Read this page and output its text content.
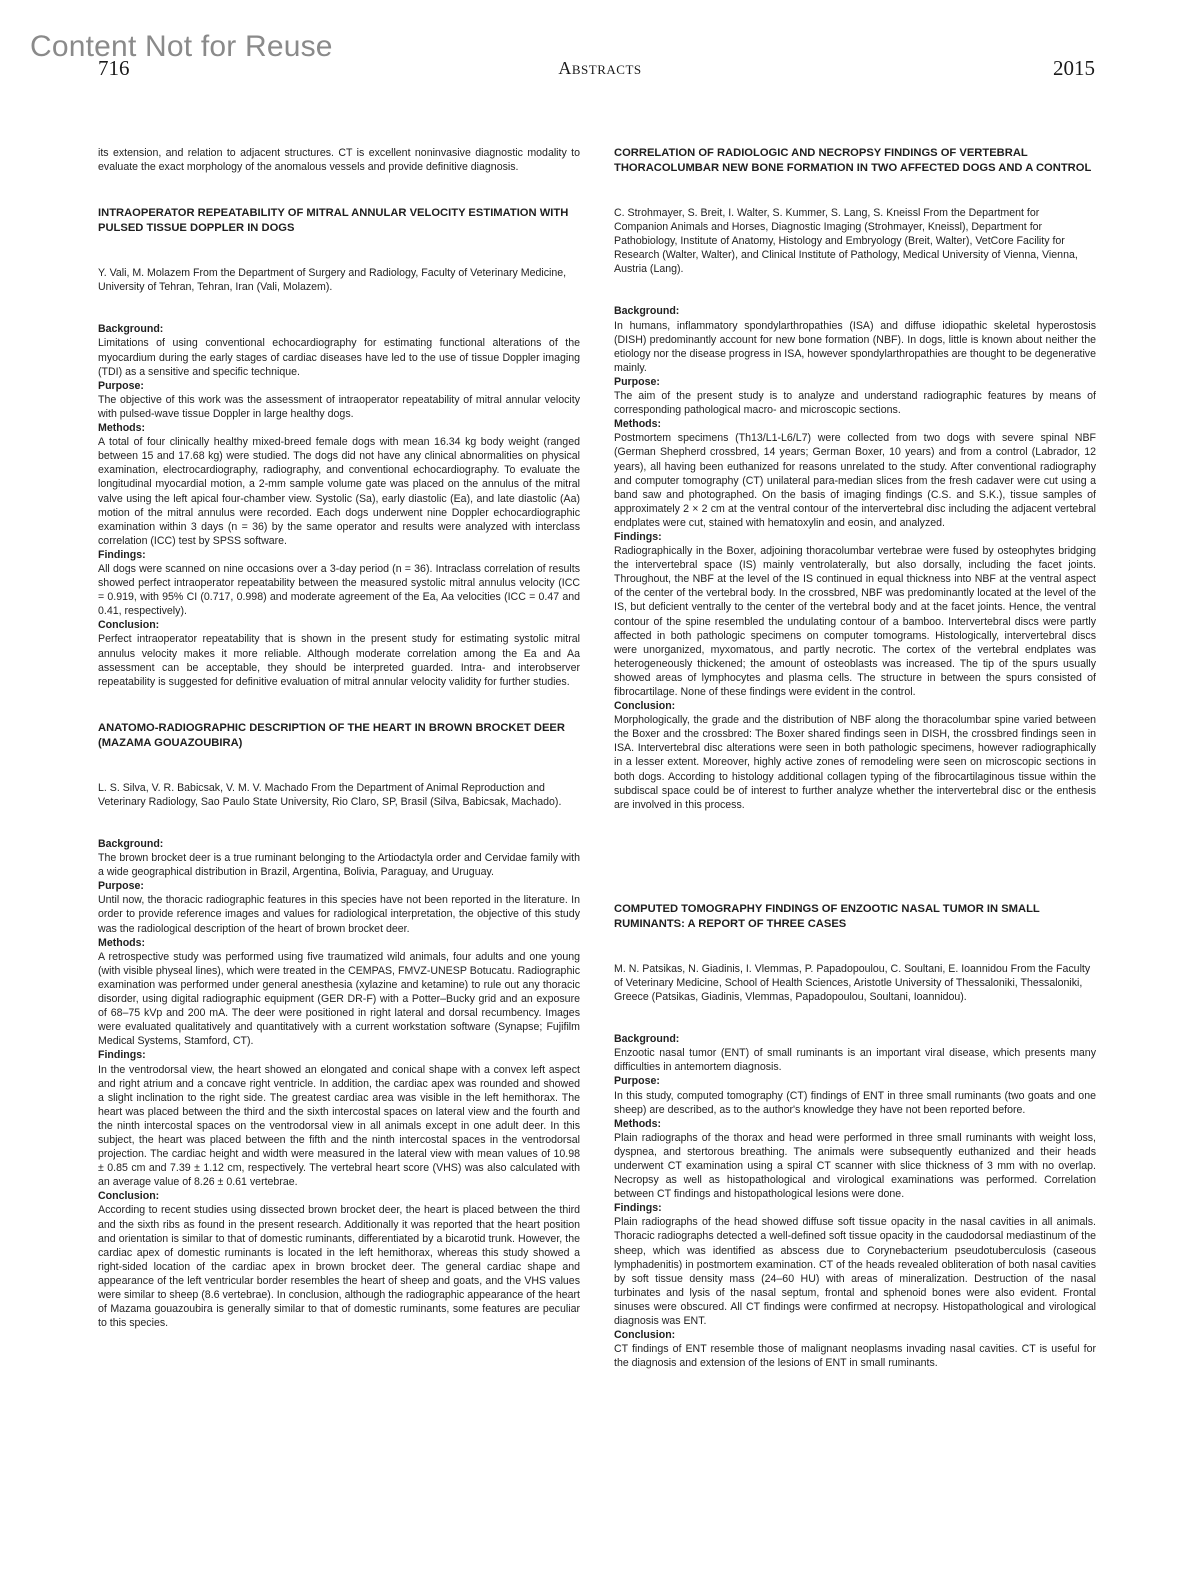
Content Not for Reuse
716	Abstracts	2015

its extension, and relation to adjacent structures. CT is excellent noninvasive diagnostic modality to evaluate the exact morphology of the anomalous vessels and provide definitive diagnosis.

INTRAOPERATOR REPEATABILITY OF MITRAL ANNULAR VELOCITY ESTIMATION WITH PULSED TISSUE DOPPLER IN DOGS

Y. Vali, M. Molazem From the Department of Surgery and Radiology, Faculty of Veterinary Medicine, University of Tehran, Tehran, Iran (Vali, Molazem).

Background:

Limitations of using conventional echocardiography for estimating functional alterations of the myocardium during the early stages of cardiac diseases have led to the use of tissue Doppler imaging (TDI) as a sensitive and specific technique.

Purpose:

The objective of this work was the assessment of intraoperator repeatability of mitral annular velocity with pulsed-wave tissue Doppler in large healthy dogs.

Methods:

A total of four clinically healthy mixed-breed female dogs with mean 16.34 kg body weight (ranged between 15 and 17.68 kg) were studied. The dogs did not have any clinical abnormalities on physical examination, electrocardiography, radiography, and conventional echocardiography. To evaluate the longitudinal myocardial motion, a 2-mm sample volume gate was placed on the annulus of the mitral valve using the left apical four-chamber view. Systolic (Sa), early diastolic (Ea), and late diastolic (Aa) motion of the mitral annulus were recorded. Each dogs underwent nine Doppler echocardiographic examination within 3 days (n = 36) by the same operator and results were analyzed with interclass correlation (ICC) test by SPSS software.

Findings:

All dogs were scanned on nine occasions over a 3-day period (n = 36). Intraclass correlation of results showed perfect intraoperator repeatability between the measured systolic mitral annulus velocity (ICC = 0.919, with 95% CI (0.717, 0.998) and moderate agreement of the Ea, Aa velocities (ICC = 0.47 and 0.41, respectively).

Conclusion:

Perfect intraoperator repeatability that is shown in the present study for estimating systolic mitral annulus velocity makes it more reliable. Although moderate correlation among the Ea and Aa assessment can be acceptable, they should be interpreted guarded. Intra- and interobserver repeatability is suggested for definitive evaluation of mitral annular velocity validity for further studies.

ANATOMO-RADIOGRAPHIC DESCRIPTION OF THE HEART IN BROWN BROCKET DEER (MAZAMA GOUAZOUBIRA)

L. S. Silva, V. R. Babicsak, V. M. V. Machado From the Department of Animal Reproduction and Veterinary Radiology, Sao Paulo State University, Rio Claro, SP, Brasil (Silva, Babicsak, Machado).

Background:

The brown brocket deer is a true ruminant belonging to the Artiodactyla order and Cervidae family with a wide geographical distribution in Brazil, Argentina, Bolivia, Paraguay, and Uruguay.

Purpose:

Until now, the thoracic radiographic features in this species have not been reported in the literature. In order to provide reference images and values for radiological interpretation, the objective of this study was the radiological description of the heart of brown brocket deer.

Methods:

A retrospective study was performed using five traumatized wild animals, four adults and one young (with visible physeal lines), which were treated in the CEMPAS, FMVZ-UNESP Botucatu. Radiographic examination was performed under general anesthesia (xylazine and ketamine) to rule out any thoracic disorder, using digital radiographic equipment (GER DR-F) with a Potter–Bucky grid and an exposure of 68–75 kVp and 200 mA. The deer were positioned in right lateral and dorsal recumbency. Images were evaluated qualitatively and quantitatively with a current workstation software (Synapse; Fujifilm Medical Systems, Stamford, CT).

Findings:

In the ventrodorsal view, the heart showed an elongated and conical shape with a convex left aspect and right atrium and a concave right ventricle. In addition, the cardiac apex was rounded and showed a slight inclination to the right side. The greatest cardiac area was visible in the left hemithorax. The heart was placed between the third and the sixth intercostal spaces on lateral view and the fourth and the ninth intercostal spaces on the ventrodorsal view in all animals except in one adult deer. In this subject, the heart was placed between the fifth and the ninth intercostal spaces in the ventrodorsal projection. The cardiac height and width were measured in the lateral view with mean values of 10.98 ± 0.85 cm and 7.39 ± 1.12 cm, respectively. The vertebral heart score (VHS) was also calculated with an average value of 8.26 ± 0.61 vertebrae.

Conclusion:

According to recent studies using dissected brown brocket deer, the heart is placed between the third and the sixth ribs as found in the present research. Additionally it was reported that the heart position and orientation is similar to that of domestic ruminants, differentiated by a bicarotid trunk. However, the cardiac apex of domestic ruminants is located in the left hemithorax, whereas this study showed a right-sided location of the cardiac apex in brown brocket deer. The general cardiac shape and appearance of the left ventricular border resembles the heart of sheep and goats, and the VHS values were similar to sheep (8.6 vertebrae). In conclusion, although the radiographic appearance of the heart of Mazama gouazoubira is generally similar to that of domestic ruminants, some features are peculiar to this species.

CORRELATION OF RADIOLOGIC AND NECROPSY FINDINGS OF VERTEBRAL THORACOLUMBAR NEW BONE FORMATION IN TWO AFFECTED DOGS AND A CONTROL

C. Strohmayer, S. Breit, I. Walter, S. Kummer, S. Lang, S. Kneissl From the Department for Companion Animals and Horses, Diagnostic Imaging (Strohmayer, Kneissl), Department for Pathobiology, Institute of Anatomy, Histology and Embryology (Breit, Walter), VetCore Facility for Research (Walter, Walter), and Clinical Institute of Pathology, Medical University of Vienna, Vienna, Austria (Lang).

Background:

In humans, inflammatory spondylarthropathies (ISA) and diffuse idiopathic skeletal hyperostosis (DISH) predominantly account for new bone formation (NBF). In dogs, little is known about neither the etiology nor the disease progress in ISA, however spondylarthropathies are thought to be degenerative mainly.

Purpose:

The aim of the present study is to analyze and understand radiographic features by means of corresponding pathological macro- and microscopic sections.

Methods:

Postmortem specimens (Th13/L1-L6/L7) were collected from two dogs with severe spinal NBF (German Shepherd crossbred, 14 years; German Boxer, 10 years) and from a control (Labrador, 12 years), all having been euthanized for reasons unrelated to the study. After conventional radiography and computer tomography (CT) unilateral para-median slices from the fresh cadaver were cut using a band saw and photographed. On the basis of imaging findings (C.S. and S.K.), tissue samples of approximately 2 × 2 cm at the ventral contour of the intervertebral disc including the adjacent vertebral endplates were cut, stained with hematoxylin and eosin, and analyzed.

Findings:

Radiographically in the Boxer, adjoining thoracolumbar vertebrae were fused by osteophytes bridging the intervertebral space (IS) mainly ventrolaterally, but also dorsally, including the facet joints. Throughout, the NBF at the level of the IS continued in equal thickness into NBF at the ventral aspect of the center of the vertebral body. In the crossbred, NBF was predominantly located at the level of the IS, but deficient ventrally to the center of the vertebral body and at the facet joints. Hence, the ventral contour of the spine resembled the undulating contour of a bamboo. Intervertebral discs were partly affected in both pathologic specimens on computer tomograms. Histologically, intervertebral discs were unorganized, myxomatous, and partly necrotic. The cortex of the vertebral endplates was heterogeneously thickened; the amount of osteoblasts was increased. The tip of the spurs usually showed areas of lymphocytes and plasma cells. The structure in between the spurs consisted of fibrocartilage. None of these findings were evident in the control.

Conclusion:

Morphologically, the grade and the distribution of NBF along the thoracolumbar spine varied between the Boxer and the crossbred: The Boxer shared findings seen in DISH, the crossbred findings seen in ISA. Intervertebral disc alterations were seen in both pathologic specimens, however radiographically in a lesser extent. Moreover, highly active zones of remodeling were seen on microscopic sections in both dogs. According to histology additional collagen typing of the fibrocartilaginous tissue within the subdiscal space could be of interest to further analyze whether the intervertebral disc or the enthesis are involved in this process.

COMPUTED TOMOGRAPHY FINDINGS OF ENZOOTIC NASAL TUMOR IN SMALL RUMINANTS: A REPORT OF THREE CASES

M. N. Patsikas, N. Giadinis, I. Vlemmas, P. Papadopoulou, C. Soultani, E. Ioannidou From the Faculty of Veterinary Medicine, School of Health Sciences, Aristotle University of Thessaloniki, Thessaloniki, Greece (Patsikas, Giadinis, Vlemmas, Papadopoulou, Soultani, Ioannidou).

Background:

Enzootic nasal tumor (ENT) of small ruminants is an important viral disease, which presents many difficulties in antemortem diagnosis.

Purpose:

In this study, computed tomography (CT) findings of ENT in three small ruminants (two goats and one sheep) are described, as to the author's knowledge they have not been reported before.

Methods:

Plain radiographs of the thorax and head were performed in three small ruminants with weight loss, dyspnea, and stertorous breathing. The animals were subsequently euthanized and their heads underwent CT examination using a spiral CT scanner with slice thickness of 3 mm with no overlap. Necropsy as well as histopathological and virological examinations was performed. Correlation between CT findings and histopathological lesions were done.

Findings:

Plain radiographs of the head showed diffuse soft tissue opacity in the nasal cavities in all animals. Thoracic radiographs detected a well-defined soft tissue opacity in the caudodorsal mediastinum of the sheep, which was identified as abscess due to Corynebacterium pseudotuberculosis (caseous lymphadenitis) in postmortem examination. CT of the heads revealed obliteration of both nasal cavities by soft tissue density mass (24–60 HU) with areas of mineralization. Destruction of the nasal turbinates and lysis of the nasal septum, frontal and sphenoid bones were also evident. Frontal sinuses were obscured. All CT findings were confirmed at necropsy. Histopathological and virological diagnosis was ENT.

Conclusion:

CT findings of ENT resemble those of malignant neoplasms invading nasal cavities. CT is useful for the diagnosis and extension of the lesions of ENT in small ruminants.
